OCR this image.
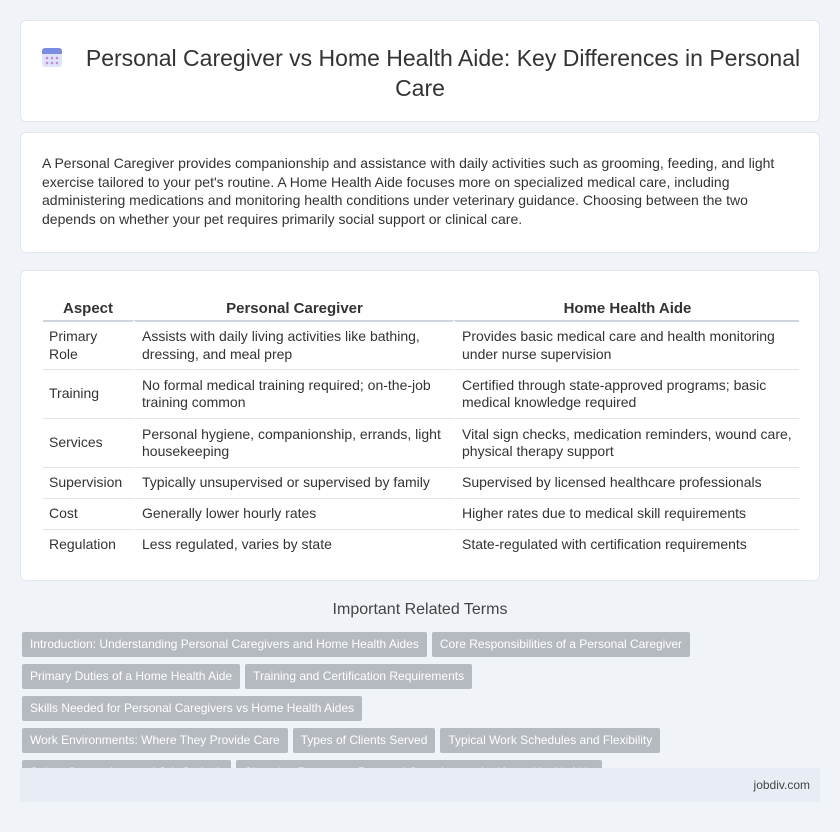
Personal Caregiver vs Home Health Aide: Key Differences in Personal Care

A Personal Caregiver provides companionship and assistance with daily activities such as grooming, feeding, and light exercise tailored to your pet's routine. A Home Health Aide focuses more on specialized medical care, including administering medications and monitoring health conditions under veterinary guidance. Choosing between the two depends on whether your pet requires primarily social support or clinical care.

Aspect	Personal Caregiver	Home Health Aide
Primary Role	Assists with daily living activities like bathing, dressing, and meal prep	Provides basic medical care and health monitoring under nurse supervision
Training	No formal medical training required; on-the-job training common	Certified through state-approved programs; basic medical knowledge required
Services	Personal hygiene, companionship, errands, light housekeeping	Vital sign checks, medication reminders, wound care, physical therapy support
Supervision	Typically unsupervised or supervised by family	Supervised by licensed healthcare professionals
Cost	Generally lower hourly rates	Higher rates due to medical skill requirements
Regulation	Less regulated, varies by state	State-regulated with certification requirements
Important Related Terms
Introduction: Understanding Personal Caregivers and Home Health Aides Core Responsibilities of a Personal Caregiver
Primary Duties of a Home Health Aide Training and Certification RequirementsSkills Needed for Personal Caregivers vs Home Health Aides
Work Environments: Where They Provide Care Types of Clients Served Typical Work Schedules and Flexibility

jobdiv.com
